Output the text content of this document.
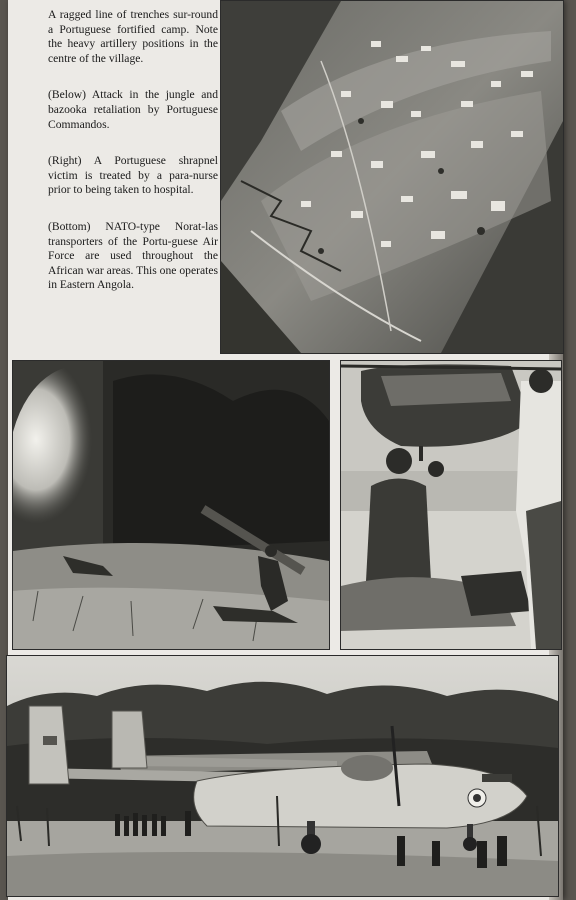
A ragged line of trenches sur-round a Portuguese fortified camp. Note the heavy artillery positions in the centre of the village.

(Below) Attack in the jungle and bazooka retaliation by Portuguese Commandos.

(Right) A Portuguese shrapnel victim is treated by a para-nurse prior to being taken to hospital.

(Bottom) NATO-type Norat-las transporters of the Portu-guese Air Force are used throughout the African war areas. This one operates in Eastern Angola.
